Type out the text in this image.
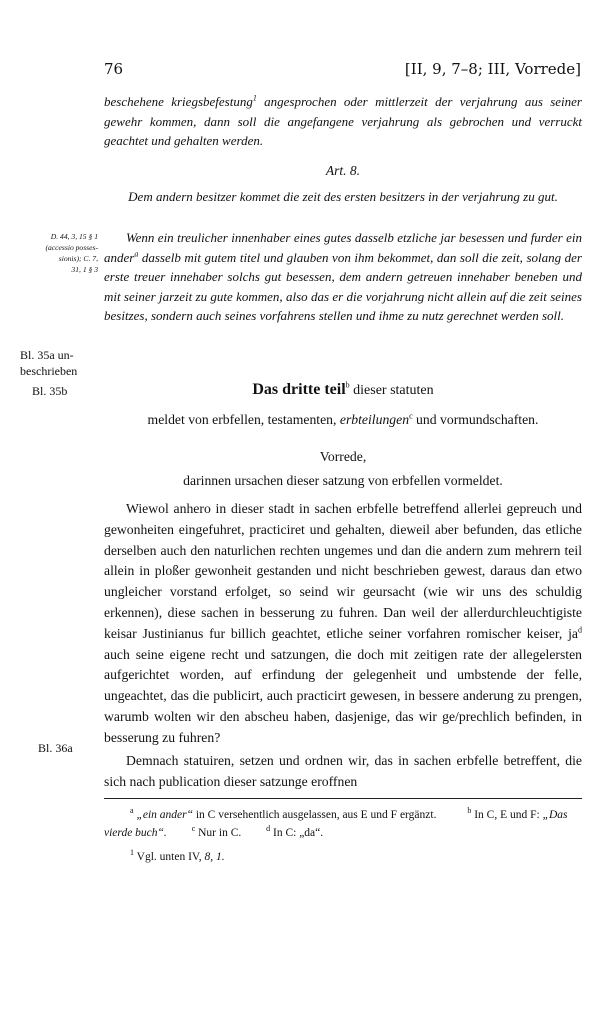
76	[II, 9, 7–8; III, Vorrede]
beschehene kriegsbefestung$^1$ angesprochen oder mittlerzeit der verjahrung aus seiner gewehr kommen, dann soll die angefangene verjahrung als gebrochen und verruckt geachtet und gehalten werden.
Art. 8.
Dem andern besitzer kommet die zeit des ersten besitzers in der verjahrung zu gut.
Wenn ein treulicher innenhaber eines gutes dasselb etzliche jar besessen und furder ein ander$^a$ dasselb mit gutem titel und glauben von ihm bekommet, dan soll die zeit, solang der erste treuer innehaber solchs gut besessen, dem andern getreuen innehaber beneben und mit seiner jarzeit zu gute kommen, also das er die vorjahrung nicht allein auf die zeit seines besitzes, sondern auch seines vorfahrens stellen und ihme zu nutz gerechnet werden soll.
D. 44, 3, 15 § 1
(accessio posses-
sionis); C. 7,
31, 1 § 3
Bl. 35a un-
beschrieben
Bl. 35b	Das dritte teil$^b$ dieser statuten
meldet von erbfellen, testamenten, erbteilungen$^c$ und vormundschaften.
Vorrede,
darinnen ursachen dieser satzung von erbfellen vormeldet.
Wiewol anhero in dieser stadt in sachen erbfelle betreffend allerlei gepreuch und gewonheiten eingefuhret, practiciret und gehalten, dieweil aber befunden, das etliche derselben auch den naturlichen rechten ungemes und dan die andern zum mehrern teil allein in ploßer gewonheit gestanden und nicht beschrieben gewest, daraus dan etwo ungleicher vorstand erfolget, so seind wir geursacht (wie wir uns des schuldig erkennen), diese sachen in besserung zu fuhren. Dan weil der allerdurchleuchtigiste keisar Justinianus fur billich geachtet, etliche seiner vorfahren romischer keiser, $ja^d$ auch seine eigene recht und satzungen, die doch mit zeitigen rate der allegelersten aufgerichtet worden, auf erfindung der gelegenheit und umbstende der felle, ungeachtet, das die publicirt, auch practicirt gewesen, in bessere anderung zu prengen, warumb wolten wir den abscheu haben, dasjenige, das wir ge/prechlich befinden, in besserung zu fuhren?
Bl. 36a
Demnach statuiren, setzen und ordnen wir, das in sachen erbfelle betreffent, die sich nach publication dieser satzunge eroffnen
$^a$ „ein ander“ in C versehentlich ausgelassen, aus E und F ergänzt.	$^b$ In C, E und F: „Das vierde buch“.	$^c$ Nur in C.	$^d$ In C: „da“.
$^1$ Vgl. unten IV, 8, 1.
